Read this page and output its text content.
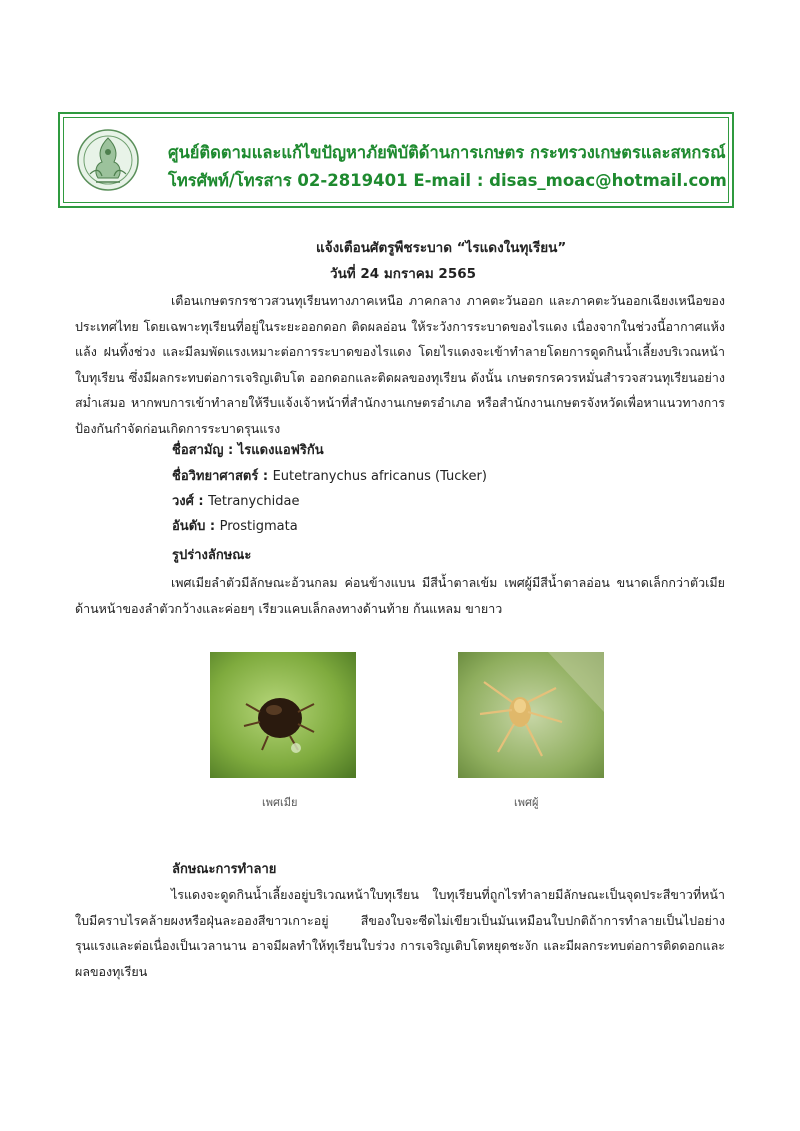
ศูนย์ติดตามและแก้ไขปัญหาภัยพิบัติด้านการเกษตร กระทรวงเกษตรและสหกรณ์
โทรศัพท์/โทรสาร 02-2819401 E-mail : disas_moac@hotmail.com
แจ้งเตือนศัตรูพืชระบาด “ไรแดงในทุเรียน”
วันที่ 24 มกราคม 2565
เตือนเกษตรกรชาวสวนทุเรียนทางภาคเหนือ ภาคกลาง ภาคตะวันออก และภาคตะวันออกเฉียงเหนือของประเทศไทย โดยเฉพาะทุเรียนที่อยู่ในระยะออกดอก ติดผลอ่อน ให้ระวังการระบาดของไรแดง เนื่องจากในช่วงนี้อากาศแห้งแล้ง ฝนทิ้งช่วง และมีลมพัดแรงเหมาะต่อการระบาดของไรแดง โดยไรแดงจะเข้าทำลายโดยการดูดกินน้ำเลี้ยงบริเวณหน้าใบทุเรียน ซึ่งมีผลกระทบต่อการเจริญเติบโต ออกดอกและติดผลของทุเรียน ดังนั้น เกษตรกรควรหมั่นสำรวจสวนทุเรียนอย่างสม่ำเสมอ หากพบการเข้าทำลายให้รีบแจ้งเจ้าหน้าที่สำนักงานเกษตรอำเภอ หรือสำนักงานเกษตรจังหวัดเพื่อหาแนวทางการป้องกันกำจัดก่อนเกิดการระบาดรุนแรง
ชื่อสามัญ : ไรแดงแอฟริกัน
ชื่อวิทยาศาสตร์ : Eutetranychus africanus (Tucker)
วงศ์ : Tetranychidae
อันดับ : Prostigmata
รูปร่างลักษณะ
เพศเมียลำตัวมีลักษณะอ้วนกลม ค่อนข้างแบน มีสีน้ำตาลเข้ม เพศผู้มีสีน้ำตาลอ่อน ขนาดเล็กกว่าตัวเมียด้านหน้าของลำตัวกว้างและค่อยๆ เรียวแคบเล็กลงทางด้านท้าย ก้นแหลม ขายาว
เพศเมีย	เพศผู้
ลักษณะการทำลาย
ไรแดงจะดูดกินน้ำเลี้ยงอยู่บริเวณหน้าใบทุเรียน ใบทุเรียนที่ถูกไรทำลายมีลักษณะเป็นจุดประสีขาวที่หน้าใบมีคราบไรคล้ายผงหรือฝุ่นละอองสีขาวเกาะอยู่ สีของใบจะซีดไม่เขียวเป็นมันเหมือนใบปกติถ้าการทำลายเป็นไปอย่างรุนแรงและต่อเนื่องเป็นเวลานาน อาจมีผลทำให้ทุเรียนใบร่วง การเจริญเติบโตหยุดชะงัก และมีผลกระทบต่อการติดดอกและผลของทุเรียน
